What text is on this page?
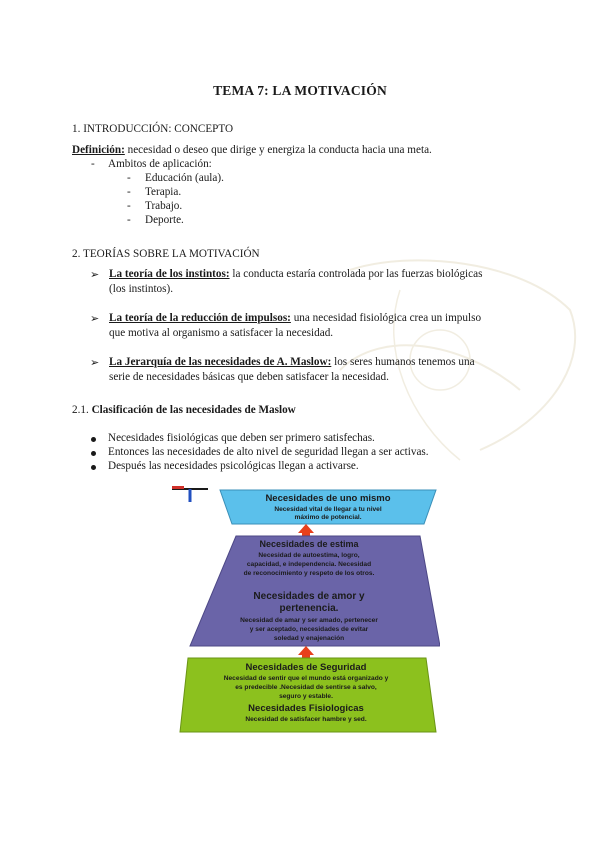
TEMA 7: LA MOTIVACIÓN
1. INTRODUCCIÓN: CONCEPTO
Definición: necesidad o deseo que dirige y energiza la conducta hacia una meta.
- Ambitos de aplicación:
- Educación (aula).
- Terapia.
- Trabajo.
- Deporte.
2. TEORÍAS SOBRE LA MOTIVACIÓN
➢ La teoría de los instintos: la conducta estaría controlada por las fuerzas biológicas
(los instintos).
➢ La teoría de la reducción de impulsos: una necesidad fisiológica crea un impulso
que motiva al organismo a satisfacer la necesidad.
➢ La Jerarquía de las necesidades de A. Maslow: los seres humanos tenemos una
serie de necesidades básicas que deben satisfacer la necesidad.
2.1. Clasificación de las necesidades de Maslow
Necesidades fisiológicas que deben ser primero satisfechas.
Entonces las necesidades de alto nivel de seguridad llegan a ser activas.
Después las necesidades psicológicas llegan a activarse.
Necesidades de uno mismo
Necesidad vital de llegar a tu nivel
máximo de potencial.
Necesidades de estima
Necesidad de autoestima, logro,
capacidad, e independencia. Necesidad
de reconocimiento y respeto de los otros.
Necesidades de amor y
pertenencia.
Necesidad de amar y ser amado, pertenecer
y ser aceptado, necesidades de evitar
soledad y enajenación
Necesidades de Seguridad
Necesidad de sentir que el mundo está organizado y
es predecible .Necesidad de sentirse a salvo,
seguro y estable.
Necesidades Fisiologicas
Necesidad de satisfacer hambre y sed.
